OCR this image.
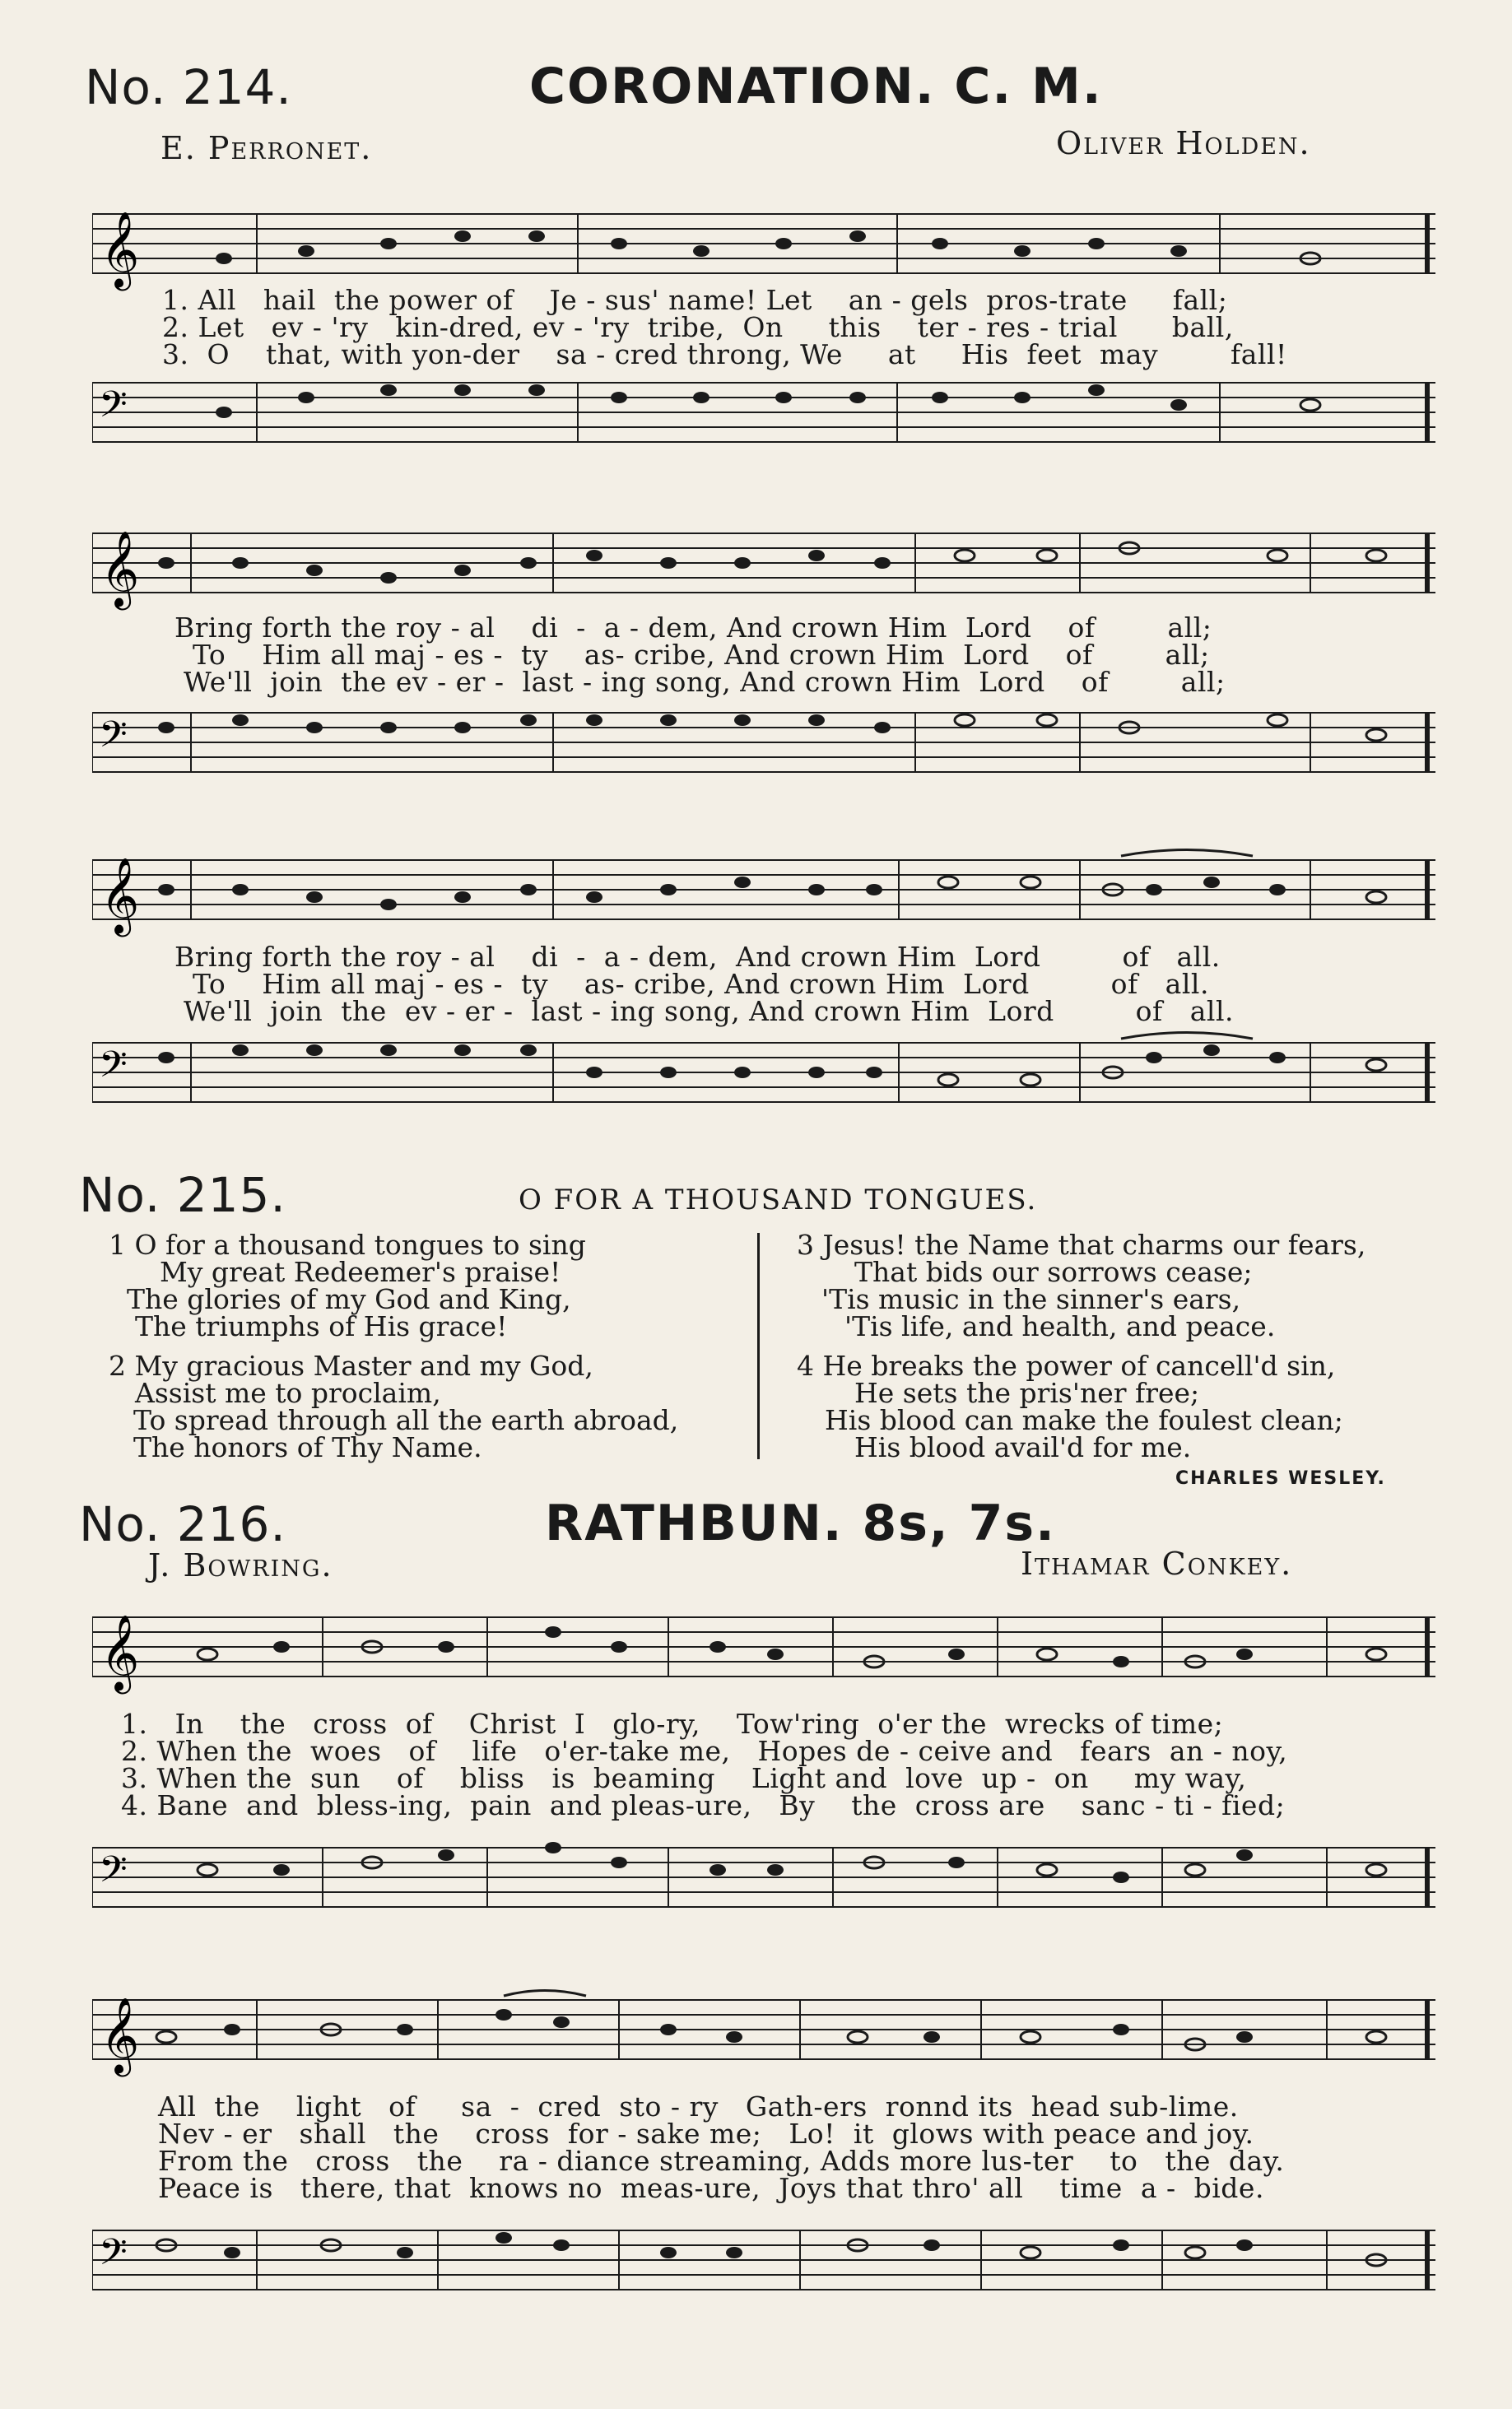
No. 214.	CORONATION. C. M.
E. Perronet.	Oliver Holden.
𝄞
1. All   hail  the power of    Je - sus' name! Let    an - gels  pros-trate     fall;
2. Let   ev - 'ry   kin-dred, ev - 'ry  tribe,  On     this    ter - res - trial      ball,
3.  O    that, with yon-der    sa - cred throng, We     at     His  feet  may        fall!
𝄢
𝄞
Bring forth the roy - al    di  -  a - dem, And crown Him  Lord    of        all;
To    Him all maj - es -  ty    as- cribe, And crown Him  Lord    of        all;
We'll  join  the ev - er -  last - ing song, And crown Him  Lord    of        all;
𝄢
𝄞
Bring forth the roy - al    di  -  a - dem,  And crown Him  Lord         of   all.
To    Him all maj - es -  ty    as- cribe, And crown Him  Lord         of   all.
We'll  join  the  ev - er -  last - ing song, And crown Him  Lord         of   all.
𝄢
No. 215.	O FOR A THOUSAND TONGUES.
1 O for a thousand tongues to sing
My great Redeemer's praise!
The glories of my God and King,
The triumphs of His grace!
2 My gracious Master and my God,
Assist me to proclaim,
To spread through all the earth abroad,
The honors of Thy Name.
3 Jesus! the Name that charms our fears,
That bids our sorrows cease;
'Tis music in the sinner's ears,
'Tis life, and health, and peace.
4 He breaks the power of cancell'd sin,
He sets the pris'ner free;
His blood can make the foulest clean;
His blood avail'd for me.
CHARLES WESLEY.
No. 216.	RATHBUN. 8s, 7s.
J. Bowring.	Ithamar Conkey.
𝄞
1.   In    the   cross  of    Christ  I   glo-ry,    Tow'ring  o'er the  wrecks of time;
2. When the  woes   of    life   o'er-take me,   Hopes de - ceive and   fears  an - noy,
3. When the  sun    of    bliss   is  beaming    Light and  love  up -  on     my way,
4. Bane  and  bless-ing,  pain  and pleas-ure,   By    the  cross are    sanc - ti - fied;
𝄢
𝄞
All  the    light   of     sa  -  cred  sto - ry   Gath-ers  ronnd its  head sub-lime.
Nev - er   shall   the    cross  for - sake me;   Lo!  it  glows with peace and joy.
From the   cross   the    ra - diance streaming, Adds more lus-ter    to   the  day.
Peace is   there, that  knows no  meas-ure,  Joys that thro' all    time  a -  bide.
𝄢
